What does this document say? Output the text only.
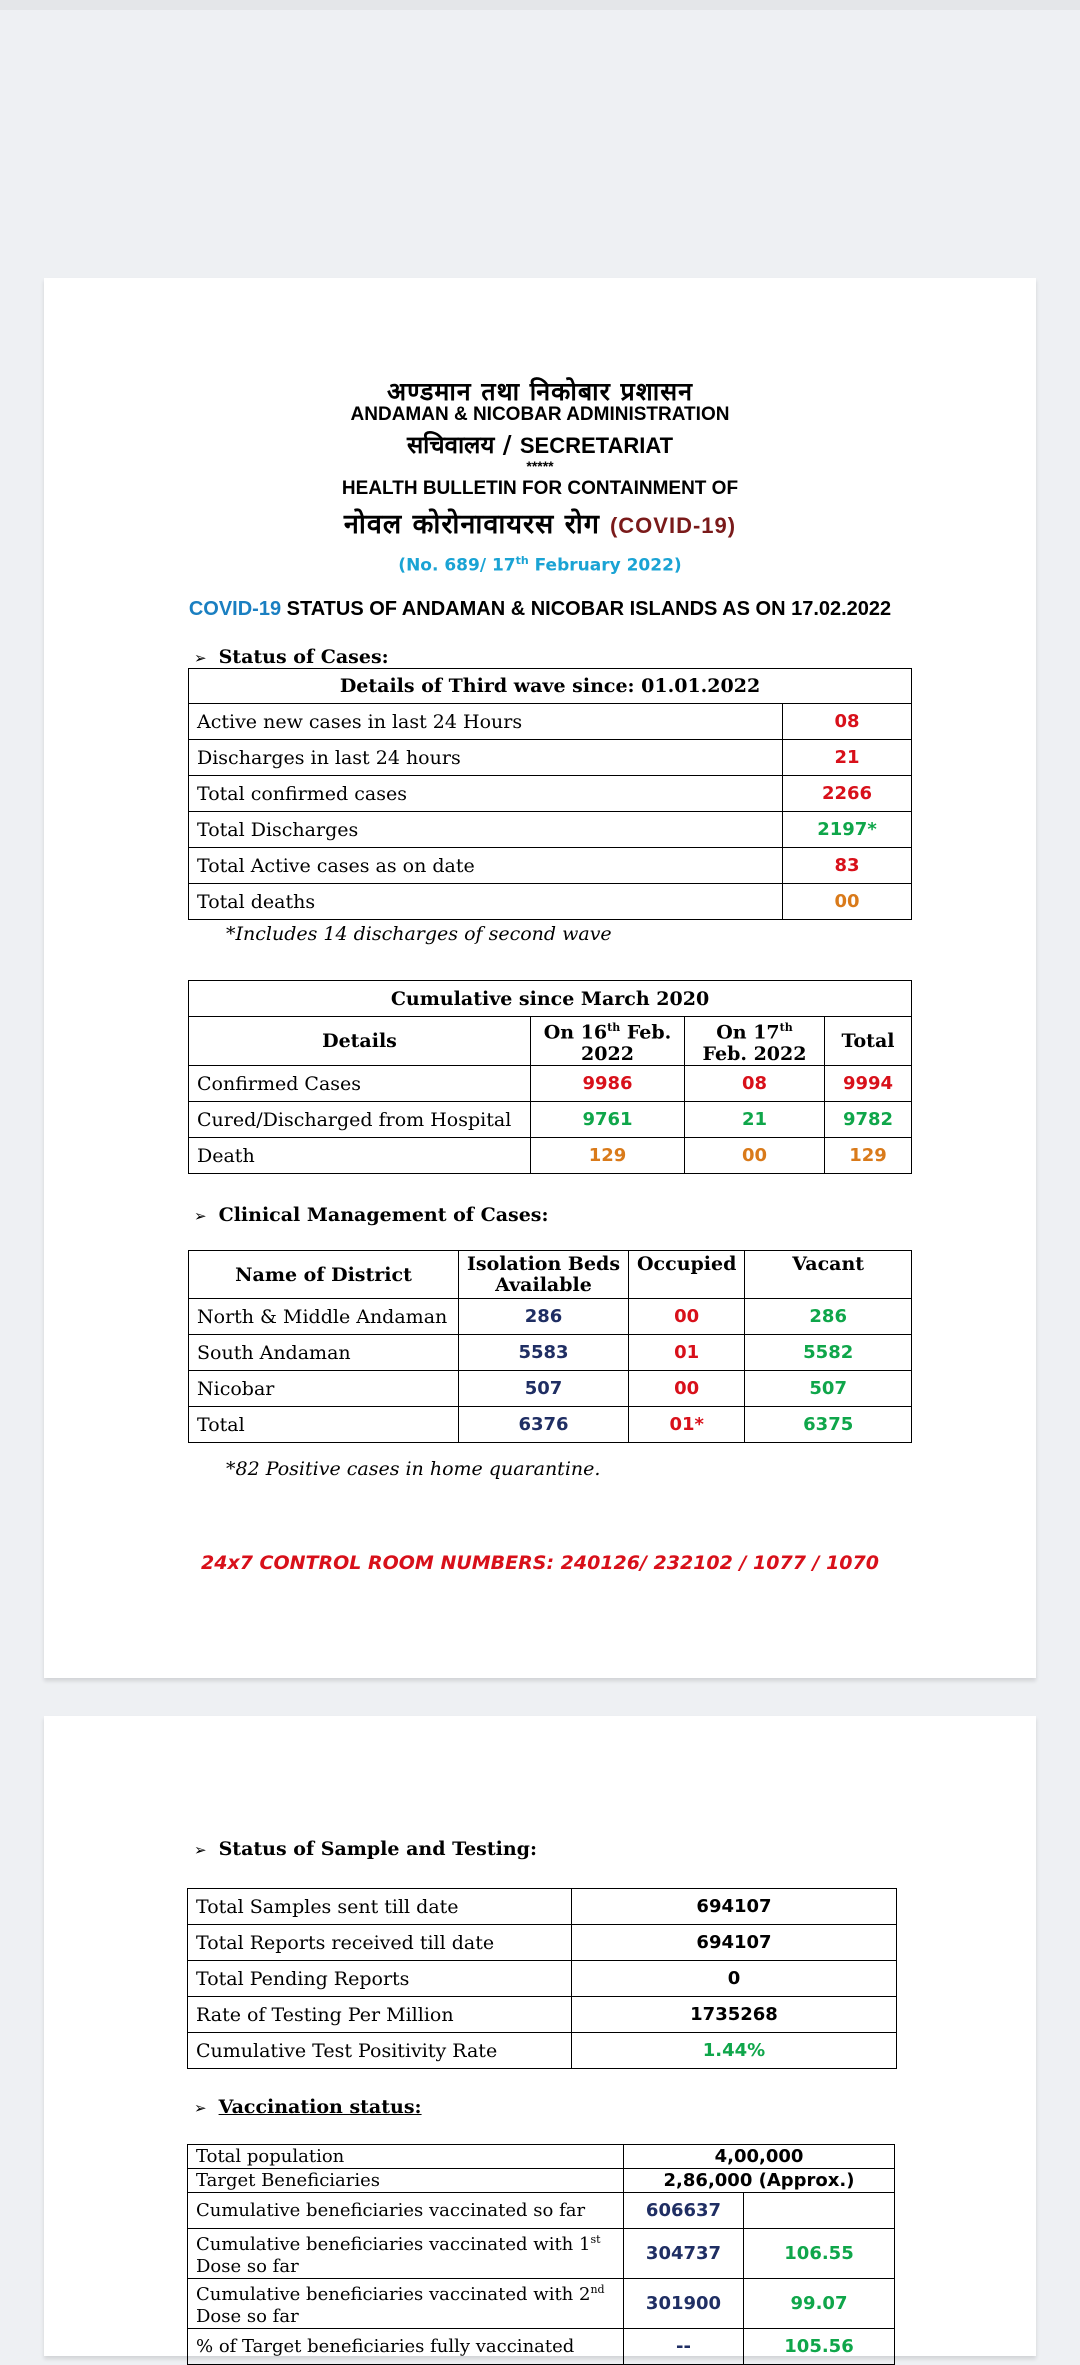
अण्डमान तथा निकोबार प्रशासन
ANDAMAN & NICOBAR ADMINISTRATION
सचिवालय / SECRETARIAT
*****
HEALTH BULLETIN FOR CONTAINMENT OF
नोवल कोरोनावायरस रोग (COVID-19)
(No. 689/ 17th February 2022)
COVID-19 STATUS OF ANDAMAN & NICOBAR ISLANDS AS ON 17.02.2022
➢ Status of Cases:
Details of Third wave since: 01.01.2022	
Active new cases in last 24 Hours	08
Discharges in last 24 hours	21
Total confirmed cases	2266
Total Discharges	2197*
Total Active cases as on date	83
Total deaths	00
*Includes 14 discharges of second wave
Cumulative since March 2020			
Details	On 16th Feb. 2022	On 17th Feb. 2022	Total
Confirmed Cases	9986	08	9994
Cured/Discharged from Hospital	9761	21	9782
Death	129	00	129
➢ Clinical Management of Cases:
Name of District	Isolation Beds Available	Occupied	Vacant
North & Middle Andaman	286	00	286
South Andaman	5583	01	5582
Nicobar	507	00	507
Total	6376	01*	6375
*82 Positive cases in home quarantine.
24x7 CONTROL ROOM NUMBERS: 240126/ 232102 / 1077 / 1070
➢ Status of Sample and Testing:
Total Samples sent till date	694107
Total Reports received till date	694107
Total Pending Reports	0
Rate of Testing Per Million	1735268
Cumulative Test Positivity Rate	1.44%
➢ Vaccination status:
Total population	4,00,000	
Target Beneficiaries	2,86,000 (Approx.)	
Cumulative beneficiaries vaccinated so far	606637	
Cumulative beneficiaries vaccinated with 1st Dose so far	304737	106.55
Cumulative beneficiaries vaccinated with 2nd Dose so far	301900	99.07
% of Target beneficiaries fully vaccinated	--	105.56
